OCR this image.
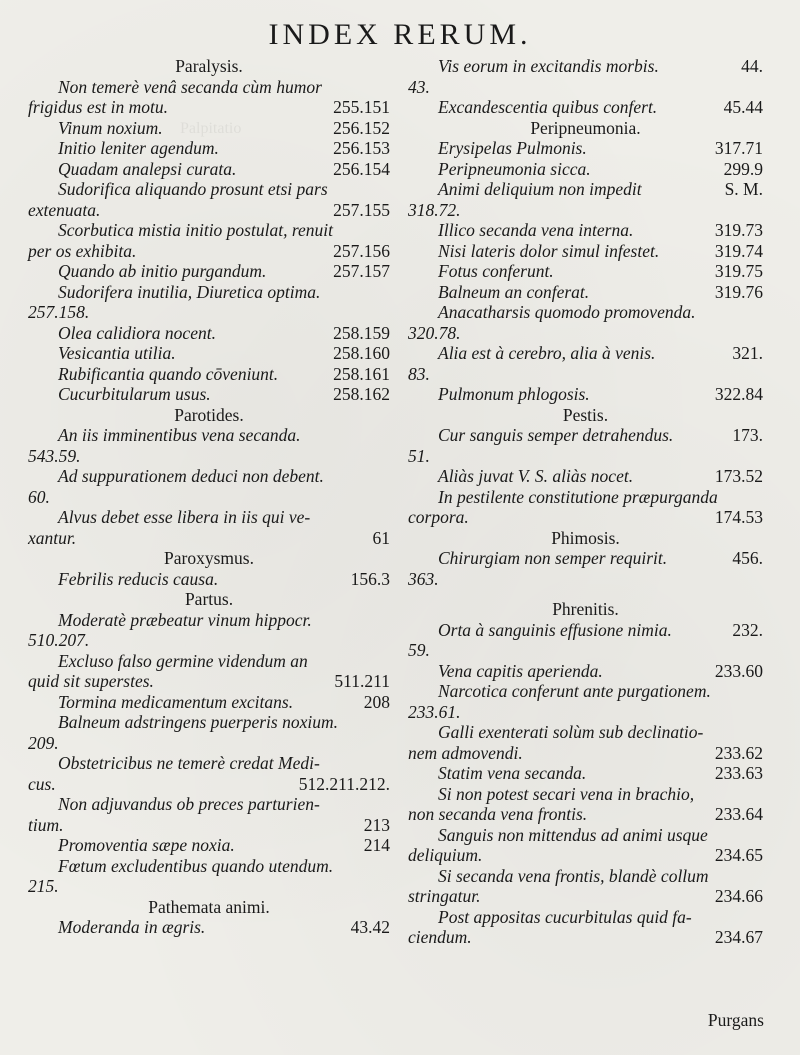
INDEX RERUM.
Palpitatio
Paralysis.
Non temerè venâ secanda cùm humor
frigidus est in motu.	255.151
Vinum noxium.	256.152
Initio leniter agendum.	256.153
Quadam analepsi curata.	256.154
Sudorifica aliquando prosunt etsi pars
extenuata.	257.155
Scorbutica mistia initio postulat, renuit
per os exhibita.	257.156
Quando ab initio purgandum.	257.157
Sudorifera inutilia, Diuretica optima.
257.158.
Olea calidiora nocent.	258.159
Vesicantia utilia.	258.160
Rubificantia quando cōveniunt.	258.161
Cucurbitularum usus.	258.162
Parotides.
An iis imminentibus vena secanda.
543.59.
Ad suppurationem deduci non debent.
60.
Alvus debet esse libera in iis qui ve-
xantur.	61
Paroxysmus.
Febrilis reducis causa.	156.3
Partus.
Moderatè præbeatur vinum hippocr.
510.207.
Excluso falso germine videndum an
quid sit superstes.	511.211
Tormina medicamentum excitans.	208
Balneum adstringens puerperis noxium.
209.
Obstetricibus ne temerè credat Medi-
cus.	512.211.212.
Non adjuvandus ob preces parturien-
tium.	213
Promoventia sæpe noxia.	214
Fœtum excludentibus quando utendum.
215.
Pathemata animi.
Moderanda in ægris.	43.42
Vis eorum in excitandis morbis.	44.
43.
Excandescentia quibus confert.	45.44
Peripneumonia.
Erysipelas Pulmonis.	317.71
Peripneumonia sicca.	299.9
Animi deliquium non impedit	S. M.
318.72.
Illico secanda vena interna.	319.73
Nisi lateris dolor simul infestet.	319.74
Fotus conferunt.	319.75
Balneum an conferat.	319.76
Anacatharsis quomodo promovenda.
320.78.
Alia est à cerebro, alia à venis.	321.
83.
Pulmonum phlogosis.	322.84
Pestis.
Cur sanguis semper detrahendus.	173.
51.
Aliàs juvat V. S. aliàs nocet.	173.52
In pestilente constitutione præpurganda
corpora.	174.53
Phimosis.
Chirurgiam non semper requirit.	456.
363.
Phrenitis.
Orta à sanguinis effusione nimia.	232.
59.
Vena capitis aperienda.	233.60
Narcotica conferunt ante purgationem.
233.61.
Galli exenterati solùm sub declinatio-
nem admovendi.	233.62
Statim vena secanda.	233.63
Si non potest secari vena in brachio,
non secanda vena frontis.	233.64
Sanguis non mittendus ad animi usque
deliquium.	234.65
Si secanda vena frontis, blandè collum
stringatur.	234.66
Post appositas cucurbitulas quid fa-
ciendum.	234.67
Purgans
